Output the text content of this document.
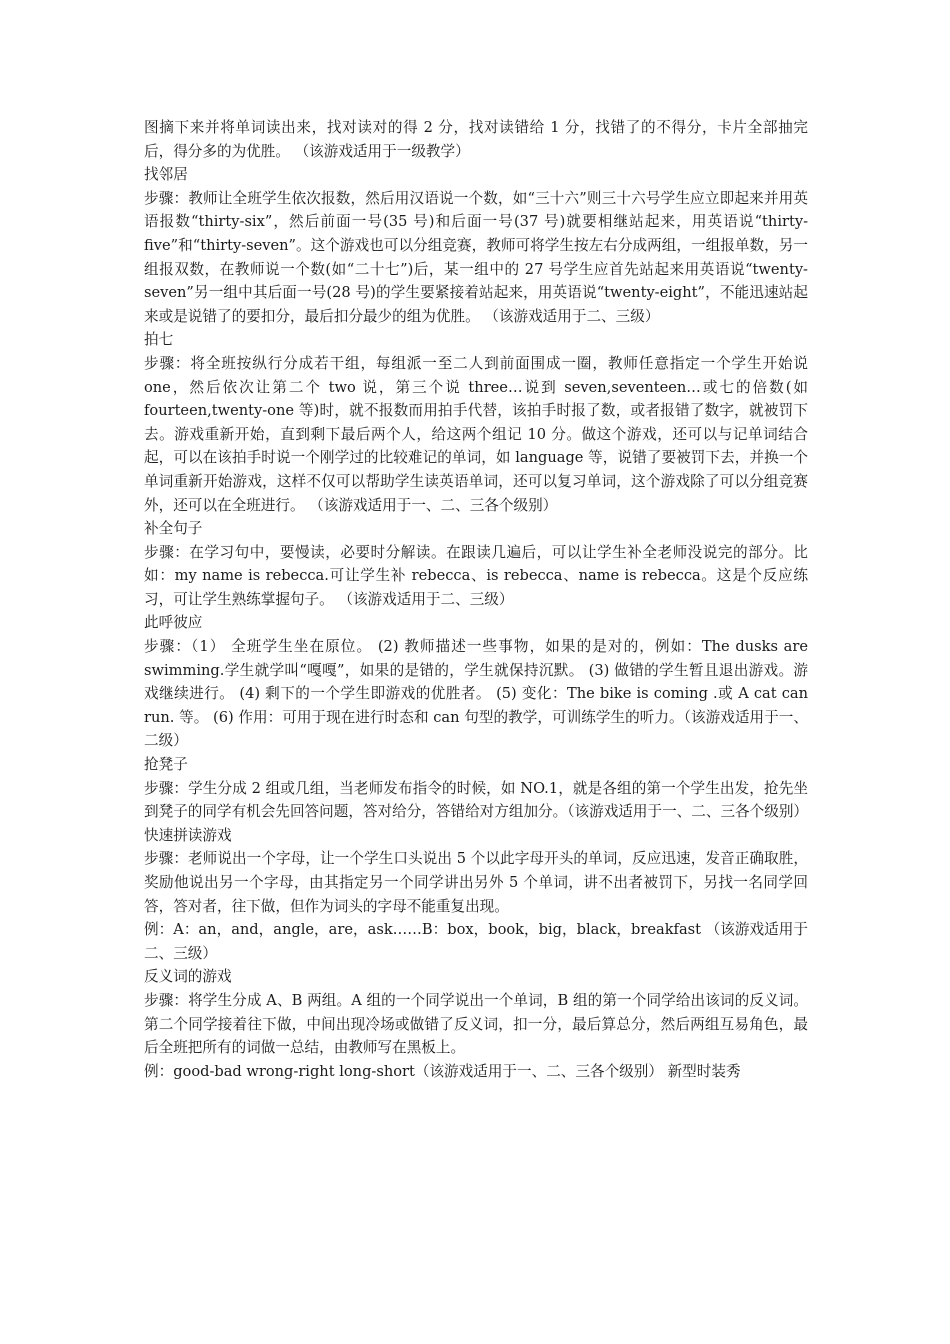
图摘下来并将单词读出来，找对读对的得 2 分，找对读错给 1 分，找错了的不得分，卡片全部抽完后，得分多的为优胜。 （该游戏适用于一级教学）

找邻居

步骤：教师让全班学生依次报数，然后用汉语说一个数，如“三十六”则三十六号学生应立即起来并用英语报数“thirty-six”，然后前面一号(35 号)和后面一号(37 号)就要相继站起来，用英语说“thirty-five”和“thirty-seven”。这个游戏也可以分组竞赛，教师可将学生按左右分成两组，一组报单数，另一组报双数，在教师说一个数(如“二十七”)后，某一组中的 27 号学生应首先站起来用英语说“twenty-seven”另一组中其后面一号(28 号)的学生要紧接着站起来，用英语说“twenty-eight”，不能迅速站起来或是说错了的要扣分，最后扣分最少的组为优胜。 （该游戏适用于二、三级）

拍七

步骤：将全班按纵行分成若干组，每组派一至二人到前面围成一圈，教师任意指定一个学生开始说 one，然后依次让第二个 two 说，第三个说 three…说到 seven,seventeen…或七的倍数(如 fourteen,twenty-one 等)时，就不报数而用拍手代替，该拍手时报了数，或者报错了数字，就被罚下去。游戏重新开始，直到剩下最后两个人，给这两个组记 10 分。做这个游戏，还可以与记单词结合起，可以在该拍手时说一个刚学过的比较难记的单词，如 language 等，说错了要被罚下去，并换一个单词重新开始游戏，这样不仅可以帮助学生读英语单词，还可以复习单词，这个游戏除了可以分组竞赛外，还可以在全班进行。 （该游戏适用于一、二、三各个级别）

补全句子

步骤：在学习句中，要慢读，必要时分解读。在跟读几遍后，可以让学生补全老师没说完的部分。比如：my name is rebecca.可让学生补 rebecca、is rebecca、name is rebecca。这是个反应练习，可让学生熟练掌握句子。 （该游戏适用于二、三级）

此呼彼应

步骤：（1） 全班学生坐在原位。 (2) 教师描述一些事物，如果的是对的，例如：The dusks are swimming.学生就学叫“嘎嘎”，如果的是错的，学生就保持沉默。 (3) 做错的学生暂且退出游戏。游戏继续进行。 (4) 剩下的一个学生即游戏的优胜者。 (5) 变化：The bike is coming .或 A cat can run. 等。 (6) 作用：可用于现在进行时态和 can 句型的教学，可训练学生的听力。（该游戏适用于一、二级）

抢凳子

步骤：学生分成 2 组或几组，当老师发布指令的时候，如 NO.1，就是各组的第一个学生出发，抢先坐到凳子的同学有机会先回答问题，答对给分，答错给对方组加分。（该游戏适用于一、二、三各个级别）

快速拼读游戏

步骤：老师说出一个字母，让一个学生口头说出 5 个以此字母开头的单词，反应迅速，发音正确取胜，奖励他说出另一个字母，由其指定另一个同学讲出另外 5 个单词，讲不出者被罚下，另找一名同学回答，答对者，往下做，但作为词头的字母不能重复出现。

例：A：an，and，angle，are，ask……B：box，book，big，black，breakfast （该游戏适用于二、三级）

反义词的游戏

步骤：将学生分成 A、B 两组。A 组的一个同学说出一个单词，B 组的第一个同学给出该词的反义词。第二个同学接着往下做，中间出现冷场或做错了反义词，扣一分，最后算总分，然后两组互易角色，最后全班把所有的词做一总结，由教师写在黑板上。

例：good-bad wrong-right long-short（该游戏适用于一、二、三各个级别） 新型时装秀
